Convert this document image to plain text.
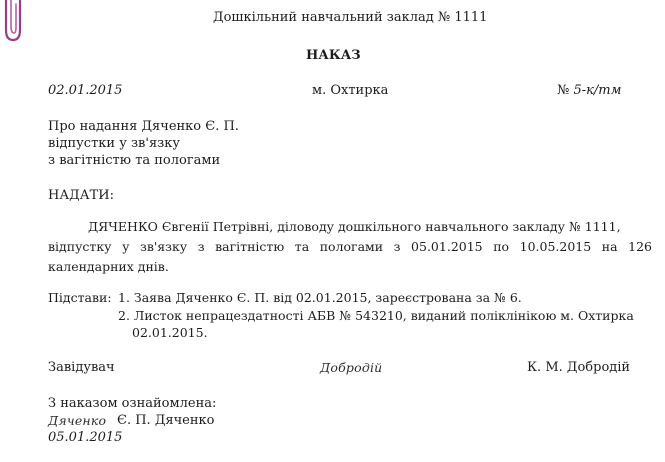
Дошкільний навчальний заклад № 1111
НАКАЗ
02.01.2015	м. Охтирка	№ 5-к/тм
Про надання Дяченко Є. П.
відпустки у зв'язку
з вагітністю та пологами
НАДАТИ:
ДЯЧЕНКО Євгенії Петрівні, діловоду дошкільного навчального закладу № 1111,
відпустку у зв'язку з вагітністю та пологами з 05.01.2015 по 10.05.2015 на 126 календарних днів.
Підстави: 1. Заява Дяченко Є. П. від 02.01.2015, зареєстрована за № 6.
2. Листок непрацездатності АБВ № 543210, виданий поліклінікою м. Охтирка
02.01.2015.
Завідувач	Добродій	К. М. Добродій
З наказом ознайомлена:
Дяченко Є. П. Дяченко
05.01.2015
